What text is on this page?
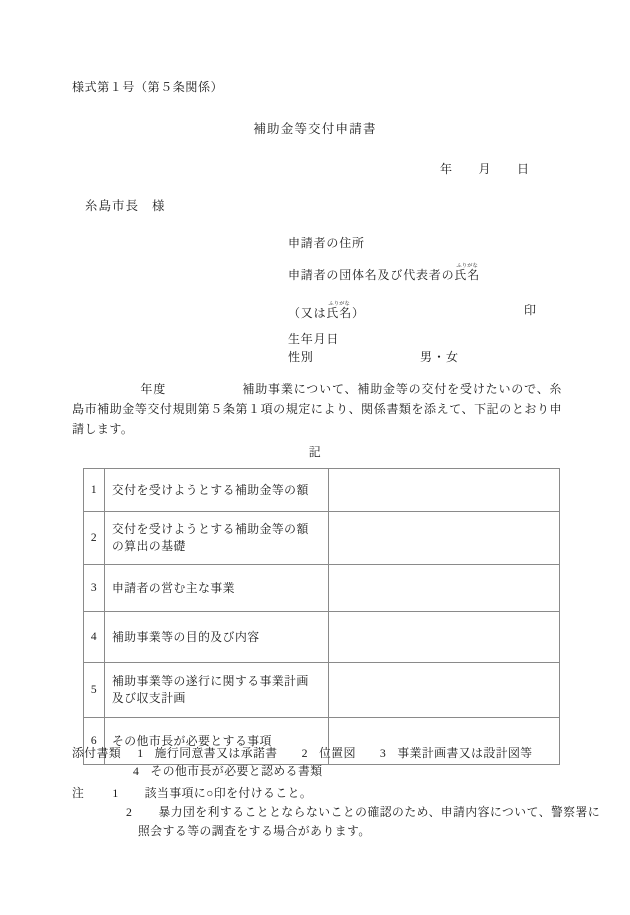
様式第１号（第５条関係）
補助金等交付申請書
年 月 日
糸島市長 様
申請者の住所
申請者の団体名及び代表者の氏名ふりがな
（又は氏名ふりがな）	印
生年月日
性別	男・女
年度	補助事業について、補助金等の交付を受けたいので、糸島市補助金等交付規則第５条第１項の規定により、関係書類を添えて、下記のとおり申請します。
記
1	交付を受けようとする補助金等の額	
2	交付を受けようとする補助金等の額
の算出の基礎	
3	申請者の営む主な事業	
4	補助事業等の目的及び内容	
5	補助事業等の遂行に関する事業計画
及び収支計画	
6	その他市長が必要とする事項	
添付書類 1 施行同意書又は承諾書 2 位置図 3 事業計画書又は設計図等
4 その他市長が必要と認める書類
注 1 該当事項に○印を付けること。
2 暴力団を利することとならないことの確認のため、申請内容について、警察署に
照会する等の調査をする場合があります。
